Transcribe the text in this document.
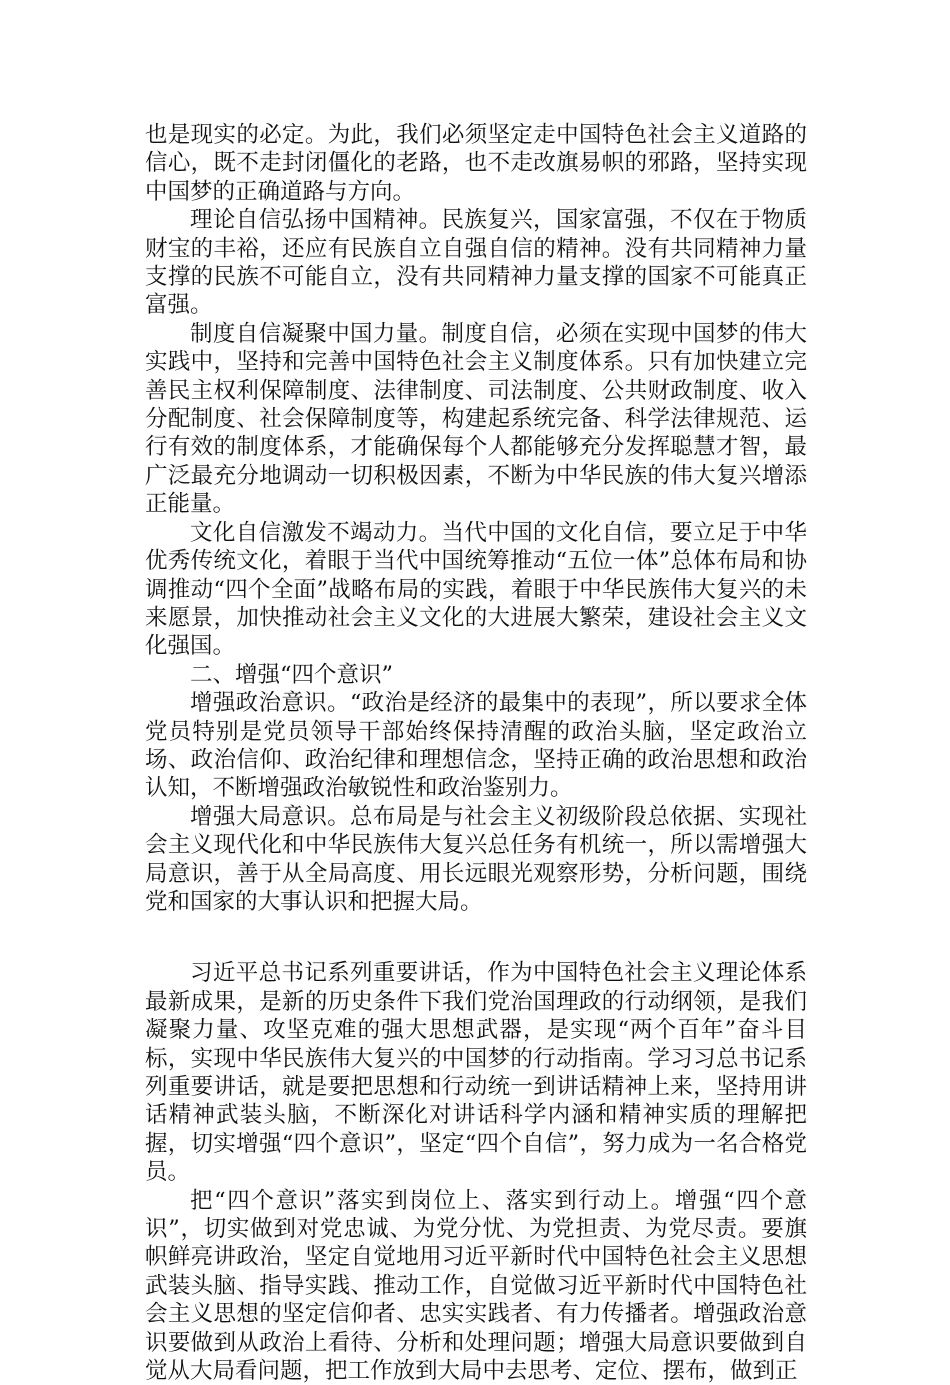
也是现实的必定。为此，我们必须坚定走中国特色社会主义道路的信心，既不走封闭僵化的老路，也不走改旗易帜的邪路，坚持实现中国梦的正确道路与方向。

理论自信弘扬中国精神。民族复兴，国家富强，不仅在于物质财宝的丰裕，还应有民族自立自强自信的精神。没有共同精神力量支撑的民族不可能自立，没有共同精神力量支撑的国家不可能真正富强。

制度自信凝聚中国力量。制度自信，必须在实现中国梦的伟大实践中，坚持和完善中国特色社会主义制度体系。只有加快建立完善民主权利保障制度、法律制度、司法制度、公共财政制度、收入分配制度、社会保障制度等，构建起系统完备、科学法律规范、运行有效的制度体系，才能确保每个人都能够充分发挥聪慧才智，最广泛最充分地调动一切积极因素，不断为中华民族的伟大复兴增添正能量。

文化自信激发不竭动力。当代中国的文化自信，要立足于中华优秀传统文化，着眼于当代中国统筹推动“五位一体”总体布局和协调推动“四个全面”战略布局的实践，着眼于中华民族伟大复兴的未来愿景，加快推动社会主义文化的大进展大繁荣，建设社会主义文化强国。

二、增强“四个意识”

增强政治意识。“政治是经济的最集中的表现”，所以要求全体党员特别是党员领导干部始终保持清醒的政治头脑，坚定政治立场、政治信仰、政治纪律和理想信念，坚持正确的政治思想和政治认知，不断增强政治敏锐性和政治鉴别力。

增强大局意识。总布局是与社会主义初级阶段总依据、实现社会主义现代化和中华民族伟大复兴总任务有机统一，所以需增强大局意识，善于从全局高度、用长远眼光观察形势，分析问题，围绕党和国家的大事认识和把握大局。

习近平总书记系列重要讲话，作为中国特色社会主义理论体系最新成果，是新的历史条件下我们党治国理政的行动纲领，是我们凝聚力量、攻坚克难的强大思想武器，是实现“两个百年”奋斗目标，实现中华民族伟大复兴的中国梦的行动指南。学习习总书记系列重要讲话，就是要把思想和行动统一到讲话精神上来，坚持用讲话精神武装头脑，不断深化对讲话科学内涵和精神实质的理解把握，切实增强“四个意识”，坚定“四个自信”，努力成为一名合格党员。

把“四个意识”落实到岗位上、落实到行动上。增强“四个意识”，切实做到对党忠诚、为党分忧、为党担责、为党尽责。要旗帜鲜亮讲政治，坚定自觉地用习近平新时代中国特色社会主义思想武装头脑、指导实践、推动工作，自觉做习近平新时代中国特色社会主义思想的坚定信仰者、忠实实践者、有力传播者。增强政治意识要做到从政治上看待、分析和处理问题；增强大局意识要做到自觉从大局看问题，把工作放到大局中去思考、定位、摆布，做到正
